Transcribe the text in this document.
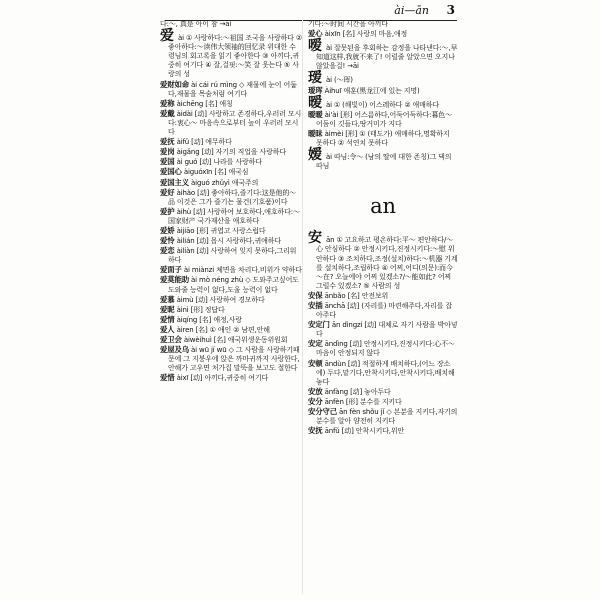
ài—ān 3

다:～, 真是 아이 참 →āi

爱 ài ① 사랑하다:～祖国 조국을 사랑하다 ② 좋아하다:～读伟大领袖的回忆录 위대한 수령님의 회고록을 읽기 좋아한다 ③ 아끼다,귀중히 여기다 ④ 잘,걸핏:～笑 잘 웃는다 ⑤ 사랑의 성

爱财如命 ài cái rú mìng ◇ 재물에 눈이 어둡다,재물을 목숨처럼 여기다

爱称 àichēng [名] 애칭

爱戴 àidài [动] 사랑하고 존경하다,우러러 모시다:衷心～ 마음속으로부터 높이 우러러 모시다

爱抚 àifǔ [动] 애무하다

爱岗 àigǎng [动] 자기의 직업을 사랑하다

爱国 ài guó [动] 나라를 사랑하다

爱国心 àiguóxīn [名] 애국심

爱国主义 àiguó zhǔyì 애국주의

爱好 àihào [动] 좋아하다,즐기다:这是他的～品 이것은 그가 즐기는 물건(기호품)이다

爱护 àihù [动] 사랑하여 보호하다,애호하다:～国家财产 국가재산을 애호하다

爱娇 àijiāo [形] 귀엽고 사랑스럽다

爱怜 àilián [动] 몹시 사랑하다,귀애하다

爱恋 àiliàn [动] 사랑하여 잊지 못하다,그리워하다

爱面子 ài miànzi 체면을 차리다,비위가 약하다

爱莫能助 ài mò néng zhù ◇ 도와주고싶어도 도와줄 능력이 없다,도울 능력이 없다

爱慕 àimù [动] 사랑하여 경모하다

爱昵 àinì [形] 정답다

爱情 àiqíng [名] 애정,사랑

爱人 àiren [名] ① 애인 ② 남편,안해

爱卫会 àiwèihuì [名] 애국위생운동위원회

爱屋及乌 ài wū jí wū ◇ 그 사람을 사랑하기때문에 그 지붕우에 앉은 까마귀까지 사랑한다,안해가 고우면 처가집 말뚝을 보고도 절한다

爱惜 àixī [动] 아끼다,귀중히 여기다

기다:～时间 시간을 아끼다

爱心 àixīn [名] 사랑의 마음,애정

嗳 ài 잘못된을 후회하는 감정을 나타낸다:～,早知道这样,我就不来了! 이럴줄 알았으면 오지나 않았을걸! →āi

瑷 ài (～珲)

瑷珲 Àihuī 애훈(黑龙江에 있는 지명)

暧 ài ① (해빛이) 어스레하다 ② 애매하다

暧暧 ài'ài [形] 어스름하다,어둑어둑하다:暮色～ 어둠이 깃들다,땅거미가 지다

暧昧 àimèi [形] ① (태도가) 애매하다,명확하지 못하다 ② 석연치 못하다

嫒 ài 따님:令～ (남의 딸에 대한 존칭)그 댁의 따님

an

安 ān ① 고요하고 평온하다:平～ 편안하다/～心 안심하다 ② 안정시키다,진정시키다:～慰 위안하다 ③ 조치하다,조정(설치)하다:～机器 기계를 설치하다,조립하다 ④ 어찌,어디(의문):而今～在? 오늘에야 어찌 있겠소?/～能如此? 어찌 그럴수 있겠소? ⑤ 사람의 성

安保 ānbǎo [名] 안전보위

安插 ānchā [动] (자리를) 마련해주다,자리를 잡아주다

安定门 ān dìngzi [动] 대체로 자기 사람을 박아넣다

安定 āndìng [动] 안정시키다,진정시키다:心不～ 마음이 안정되지 않다

安顿 āndùn [动] 적절하게 배치하다,(어느 장소에) 두다,맡기다,안착시키다,안착시키다,배치해놓다

安放 ānfàng [动] 놓아두다

安分 ānfèn [形] 분수를 지키다

安分守己 ān fèn shǒu jǐ ◇ 본분을 지키다,자기의 분수를 알아 얌전히 지키다

安抚 ānfǔ [动] 안착시키다,위안
